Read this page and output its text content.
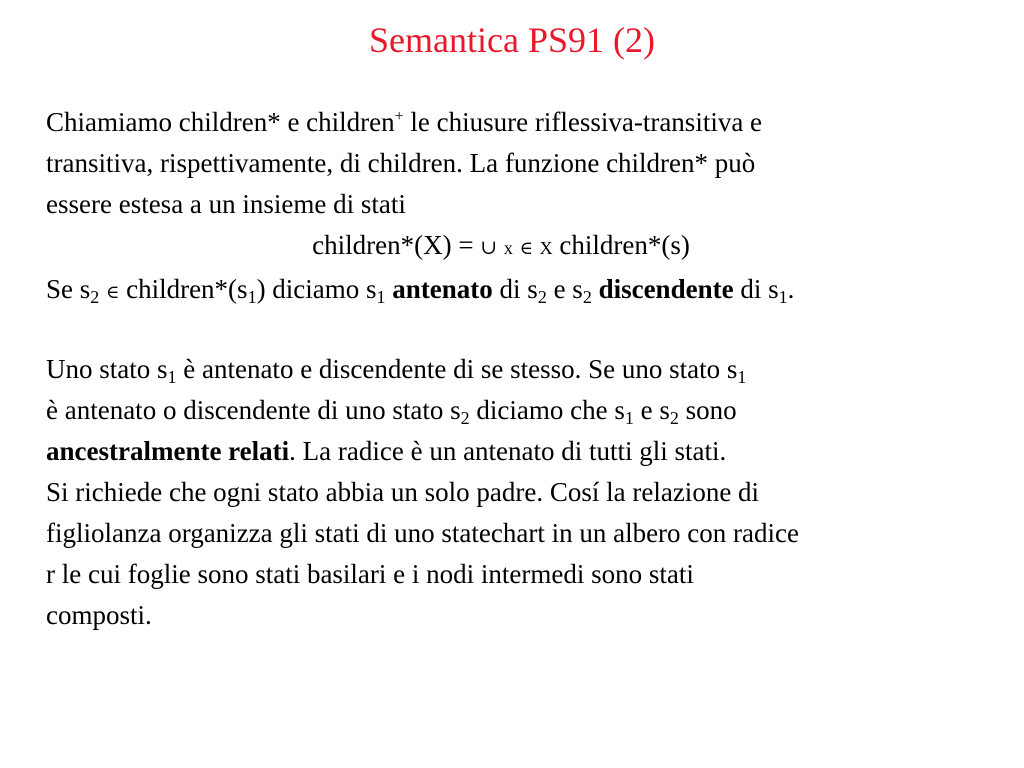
Semantica PS91 (2)
Chiamiamo children* e children+ le chiusure riflessiva-transitiva e
transitiva, rispettivamente, di children. La funzione children* può
essere estesa a un insieme di stati
children*(X) = ∪ x ∈ X children*(s)
Se $s_2$ ∈ $children*(s_1)$ diciamo $s_1$ antenato di $s_2$ e $s_2$ discendente di $s_1$.
Uno stato $s_1$ è antenato e discendente di se stesso. Se uno stato $s_1$
è antenato o discendente di uno stato $s_2$ diciamo che $s_1$ e $s_2$ sono
ancestralmente relati. La radice è un antenato di tutti gli stati.
Si richiede che ogni stato abbia un solo padre. Cosí la relazione di
figliolanza organizza gli stati di uno statechart in un albero con radice
r le cui foglie sono stati basilari e i nodi intermedi sono stati
composti.
